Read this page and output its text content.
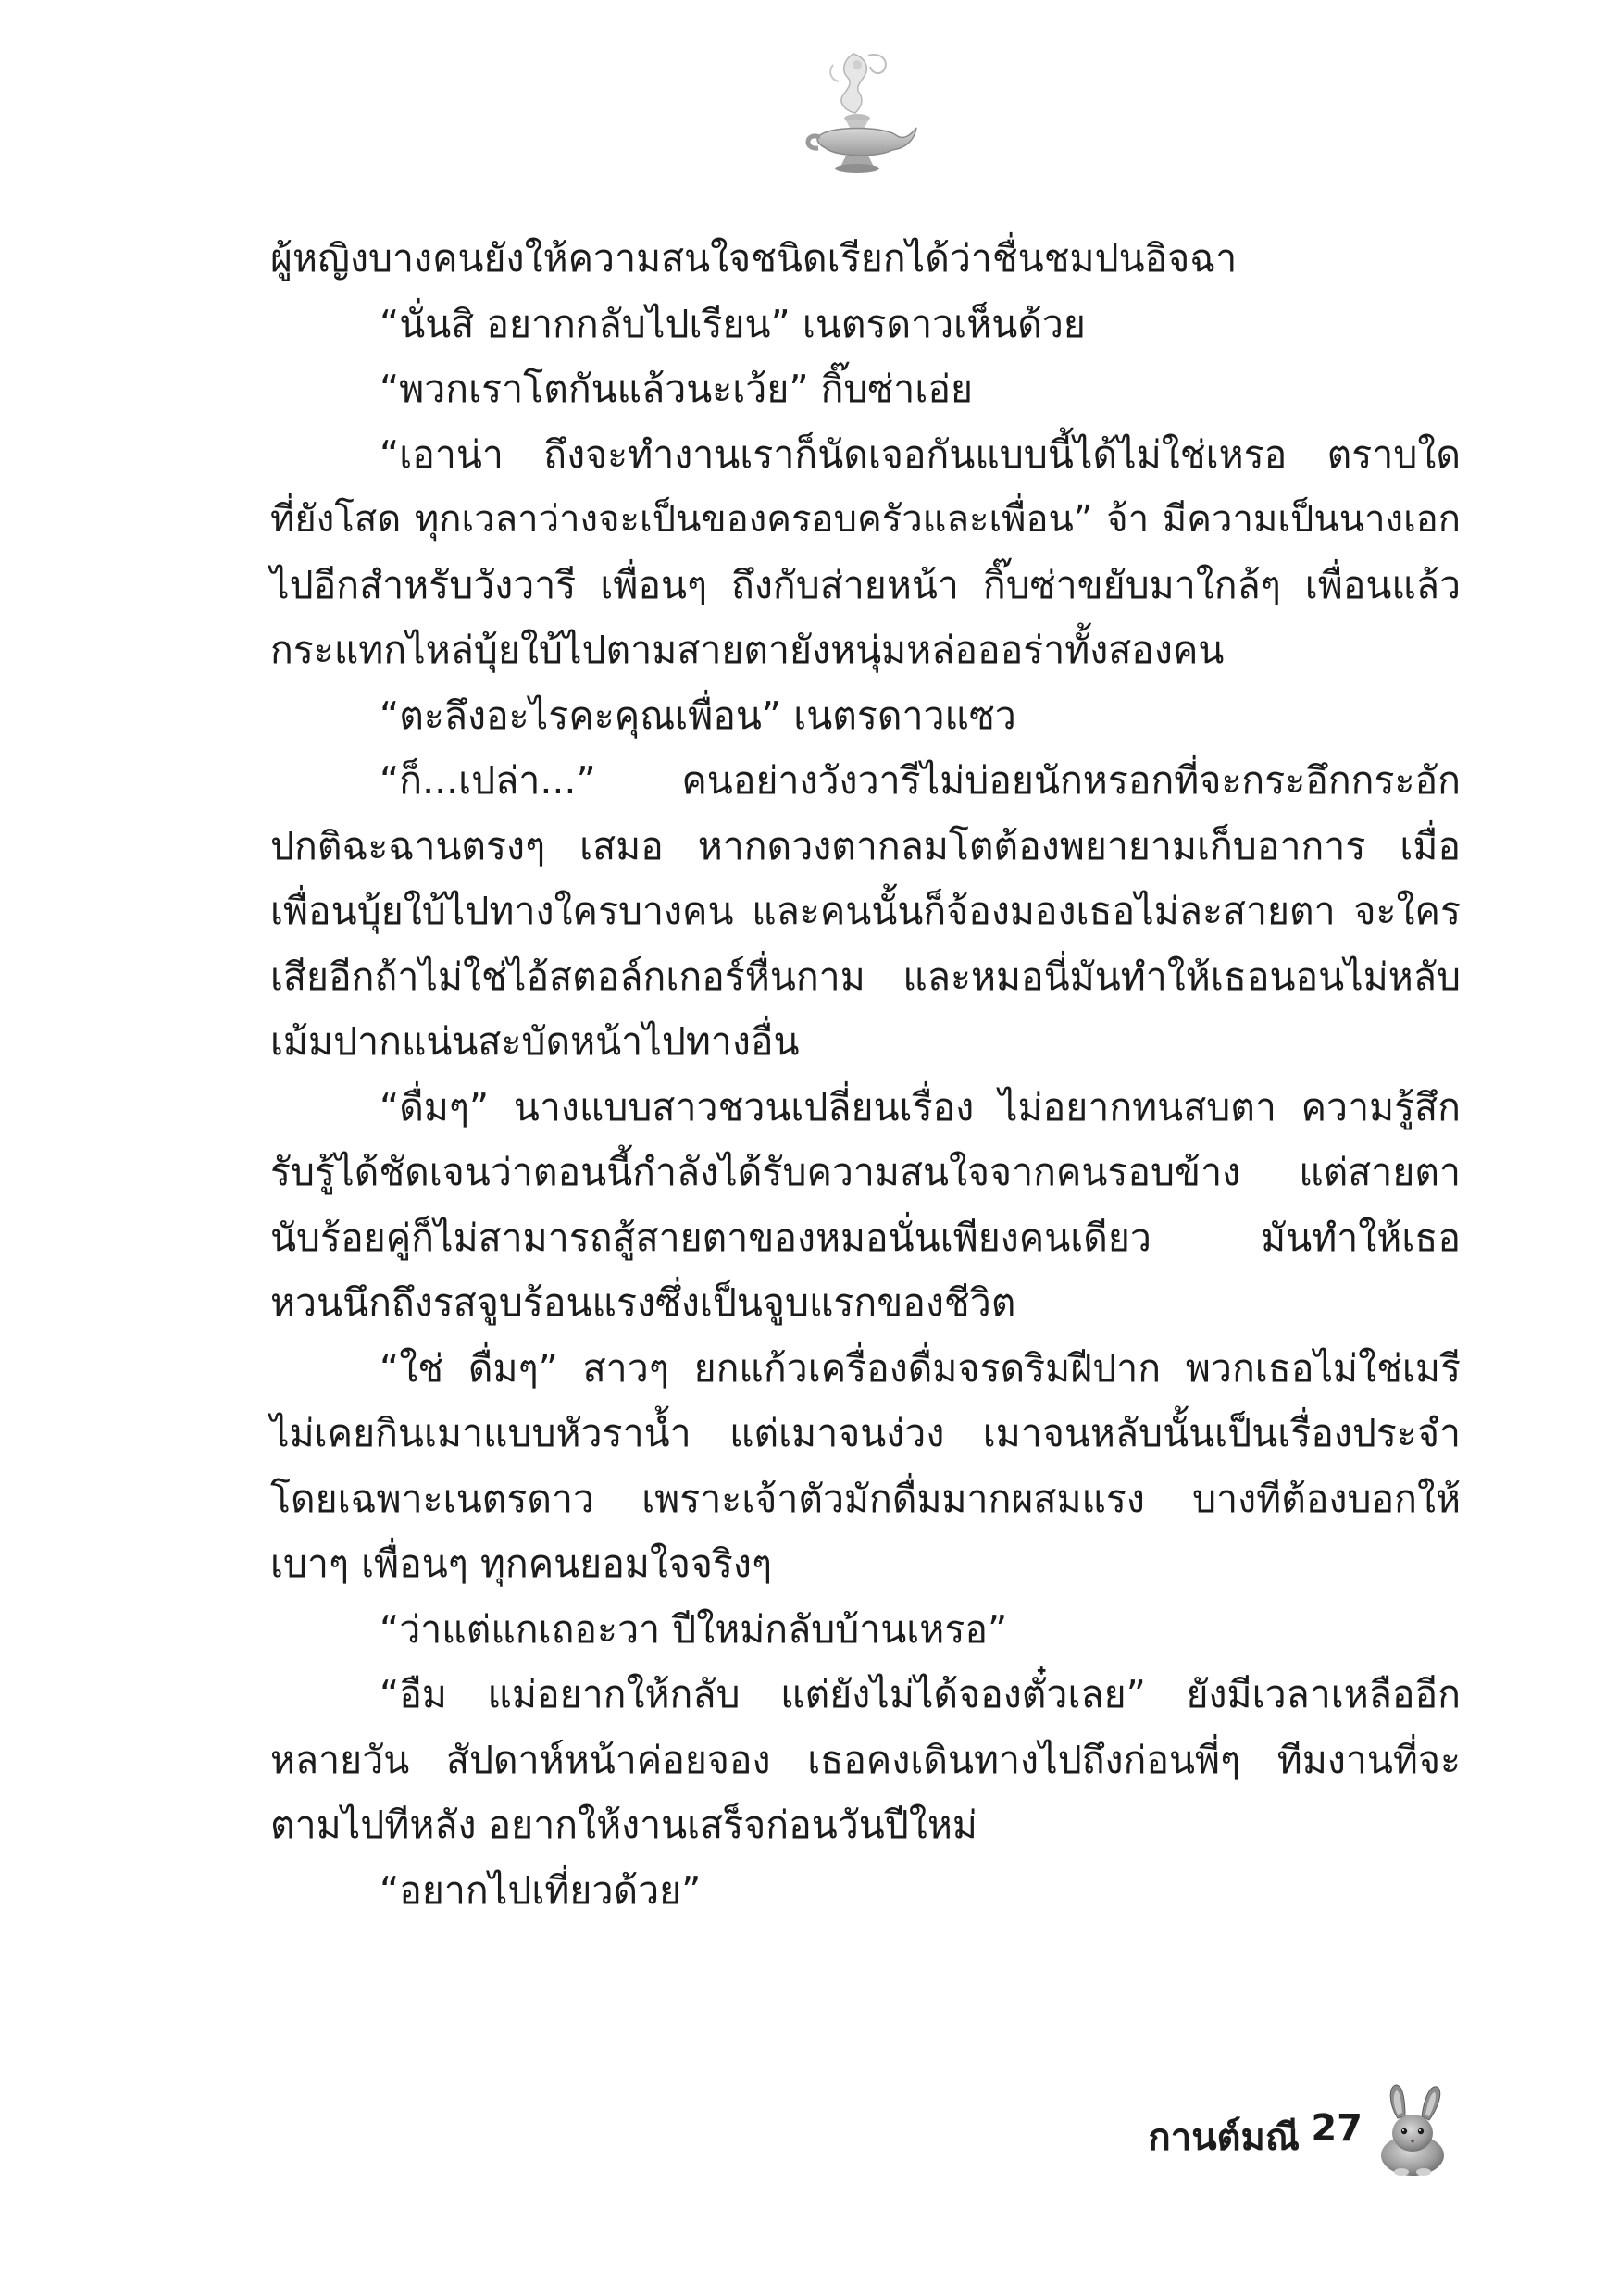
ผู้หญิงบางคนยังให้ความสนใจชนิดเรียกได้ว่าชื่นชมปนอิจฉา
“นั่นสิ อยากกลับไปเรียน” เนตรดาวเห็นด้วย
“พวกเราโตกันแล้วนะเว้ย” กิ๊บซ่าเอ่ย
“เอาน่า ถึงจะทำงานเราก็นัดเจอกันแบบนี้ได้ไม่ใช่เหรอ ตราบใด
ที่ยังโสด ทุกเวลาว่างจะเป็นของครอบครัวและเพื่อน” จ้า มีความเป็นนางเอก
ไปอีกสำหรับวังวารี เพื่อนๆ ถึงกับส่ายหน้า กิ๊บซ่าขยับมาใกล้ๆ เพื่อนแล้ว
กระแทกไหล่บุ้ยใบ้ไปตามสายตายังหนุ่มหล่อออร่าทั้งสองคน
“ตะลึงอะไรคะคุณเพื่อน” เนตรดาวแซว
“ก็...เปล่า...” คนอย่างวังวารีไม่บ่อยนักหรอกที่จะกระอึกกระอัก
ปกติฉะฉานตรงๆ เสมอ หากดวงตากลมโตต้องพยายามเก็บอาการ เมื่อ
เพื่อนบุ้ยใบ้ไปทางใครบางคน และคนนั้นก็จ้องมองเธอไม่ละสายตา จะใคร
เสียอีกถ้าไม่ใช่ไอ้สตอล์กเกอร์หื่นกาม และหมอนี่มันทำให้เธอนอนไม่หลับ
เม้มปากแน่นสะบัดหน้าไปทางอื่น
“ดื่มๆ” นางแบบสาวชวนเปลี่ยนเรื่อง ไม่อยากทนสบตา ความรู้สึก
รับรู้ได้ชัดเจนว่าตอนนี้กำลังได้รับความสนใจจากคนรอบข้าง แต่สายตา
นับร้อยคู่ก็ไม่สามารถสู้สายตาของหมอนั่นเพียงคนเดียว มันทำให้เธอ
หวนนึกถึงรสจูบร้อนแรงซึ่งเป็นจูบแรกของชีวิต
“ใช่ ดื่มๆ” สาวๆ ยกแก้วเครื่องดื่มจรดริมฝีปาก พวกเธอไม่ใช่เมรี
ไม่เคยกินเมาแบบหัวราน้ำ แต่เมาจนง่วง เมาจนหลับนั้นเป็นเรื่องประจำ
โดยเฉพาะเนตรดาว เพราะเจ้าตัวมักดื่มมากผสมแรง บางทีต้องบอกให้
เบาๆ เพื่อนๆ ทุกคนยอมใจจริงๆ
“ว่าแต่แกเถอะวา ปีใหม่กลับบ้านเหรอ”
“อืม แม่อยากให้กลับ แต่ยังไม่ได้จองตั๋วเลย” ยังมีเวลาเหลืออีก
หลายวัน สัปดาห์หน้าค่อยจอง เธอคงเดินทางไปถึงก่อนพี่ๆ ทีมงานที่จะ
ตามไปทีหลัง อยากให้งานเสร็จก่อนวันปีใหม่
“อยากไปเที่ยวด้วย”
กานต์มณี 27
